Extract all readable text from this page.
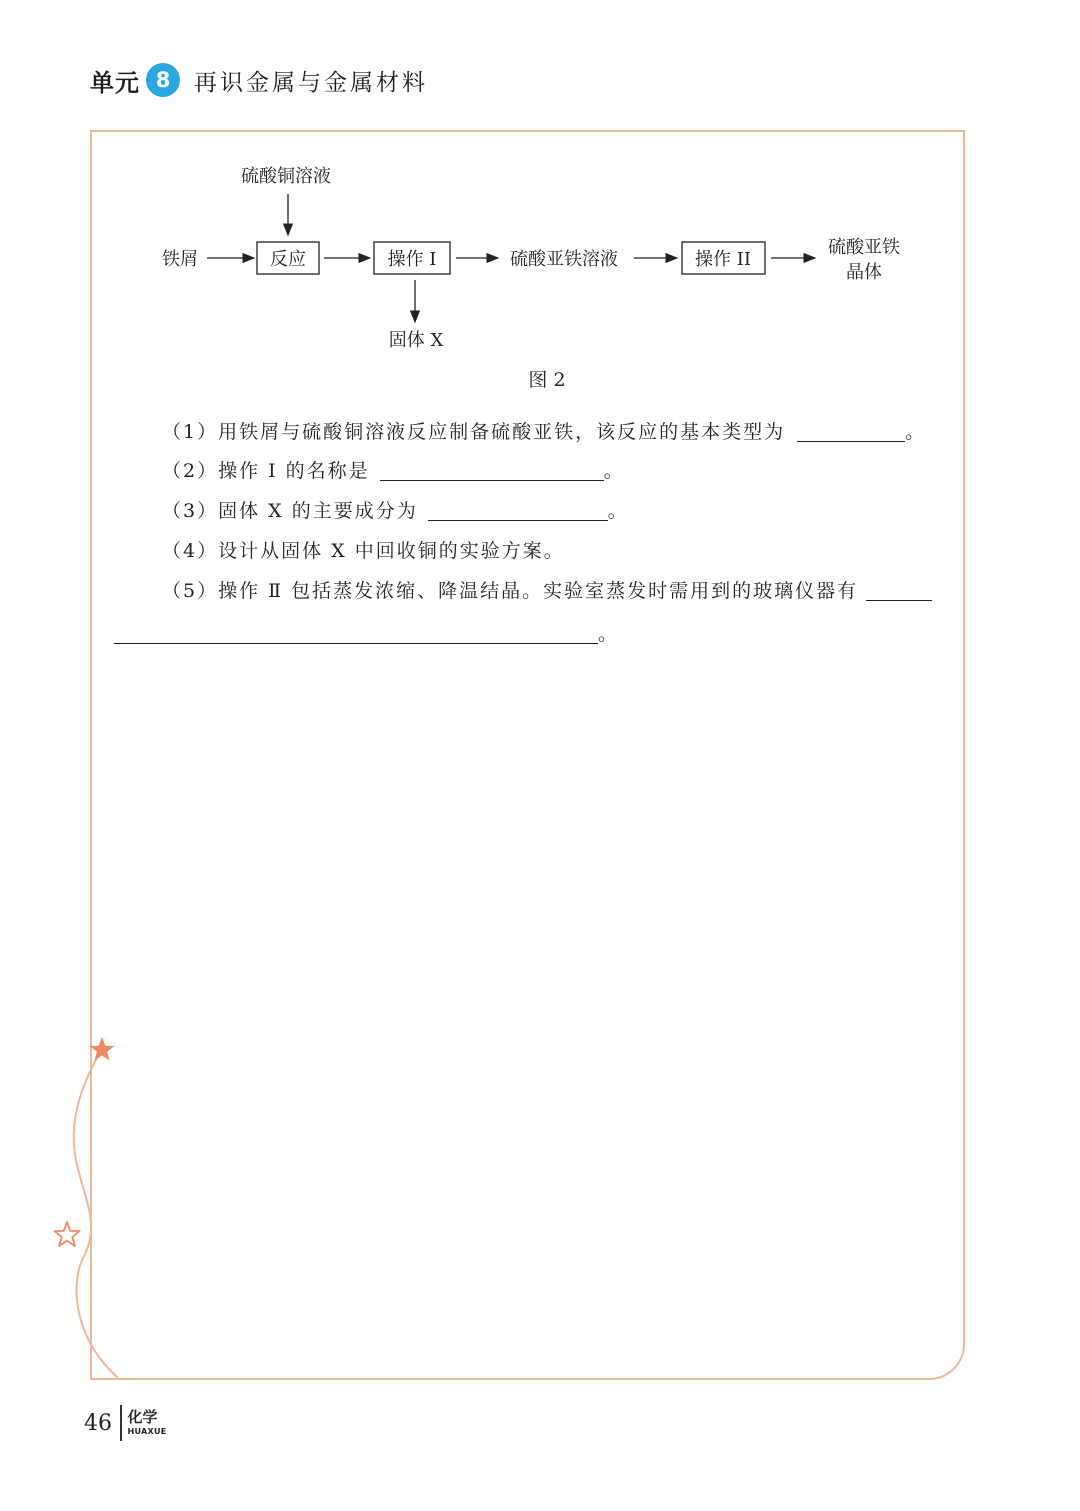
单元 8	再识金属与金属材料
硫酸铜溶液
铁屑	反应	操作 I
固体 X
硫酸亚铁溶液	操作 II
硫酸亚铁
晶体
图 2
（1）用铁屑与硫酸铜溶液反应制备硫酸亚铁，该反应的基本类型为	。
（2）操作 Ⅰ 的名称是	。
（3）固体 X 的主要成分为	。
（4）设计从固体 X 中回收铜的实验方案。
（5）操作 Ⅱ 包括蒸发浓缩、降温结晶。实验室蒸发时需用到的玻璃仪器有
。
46 化学
HUAXUE
